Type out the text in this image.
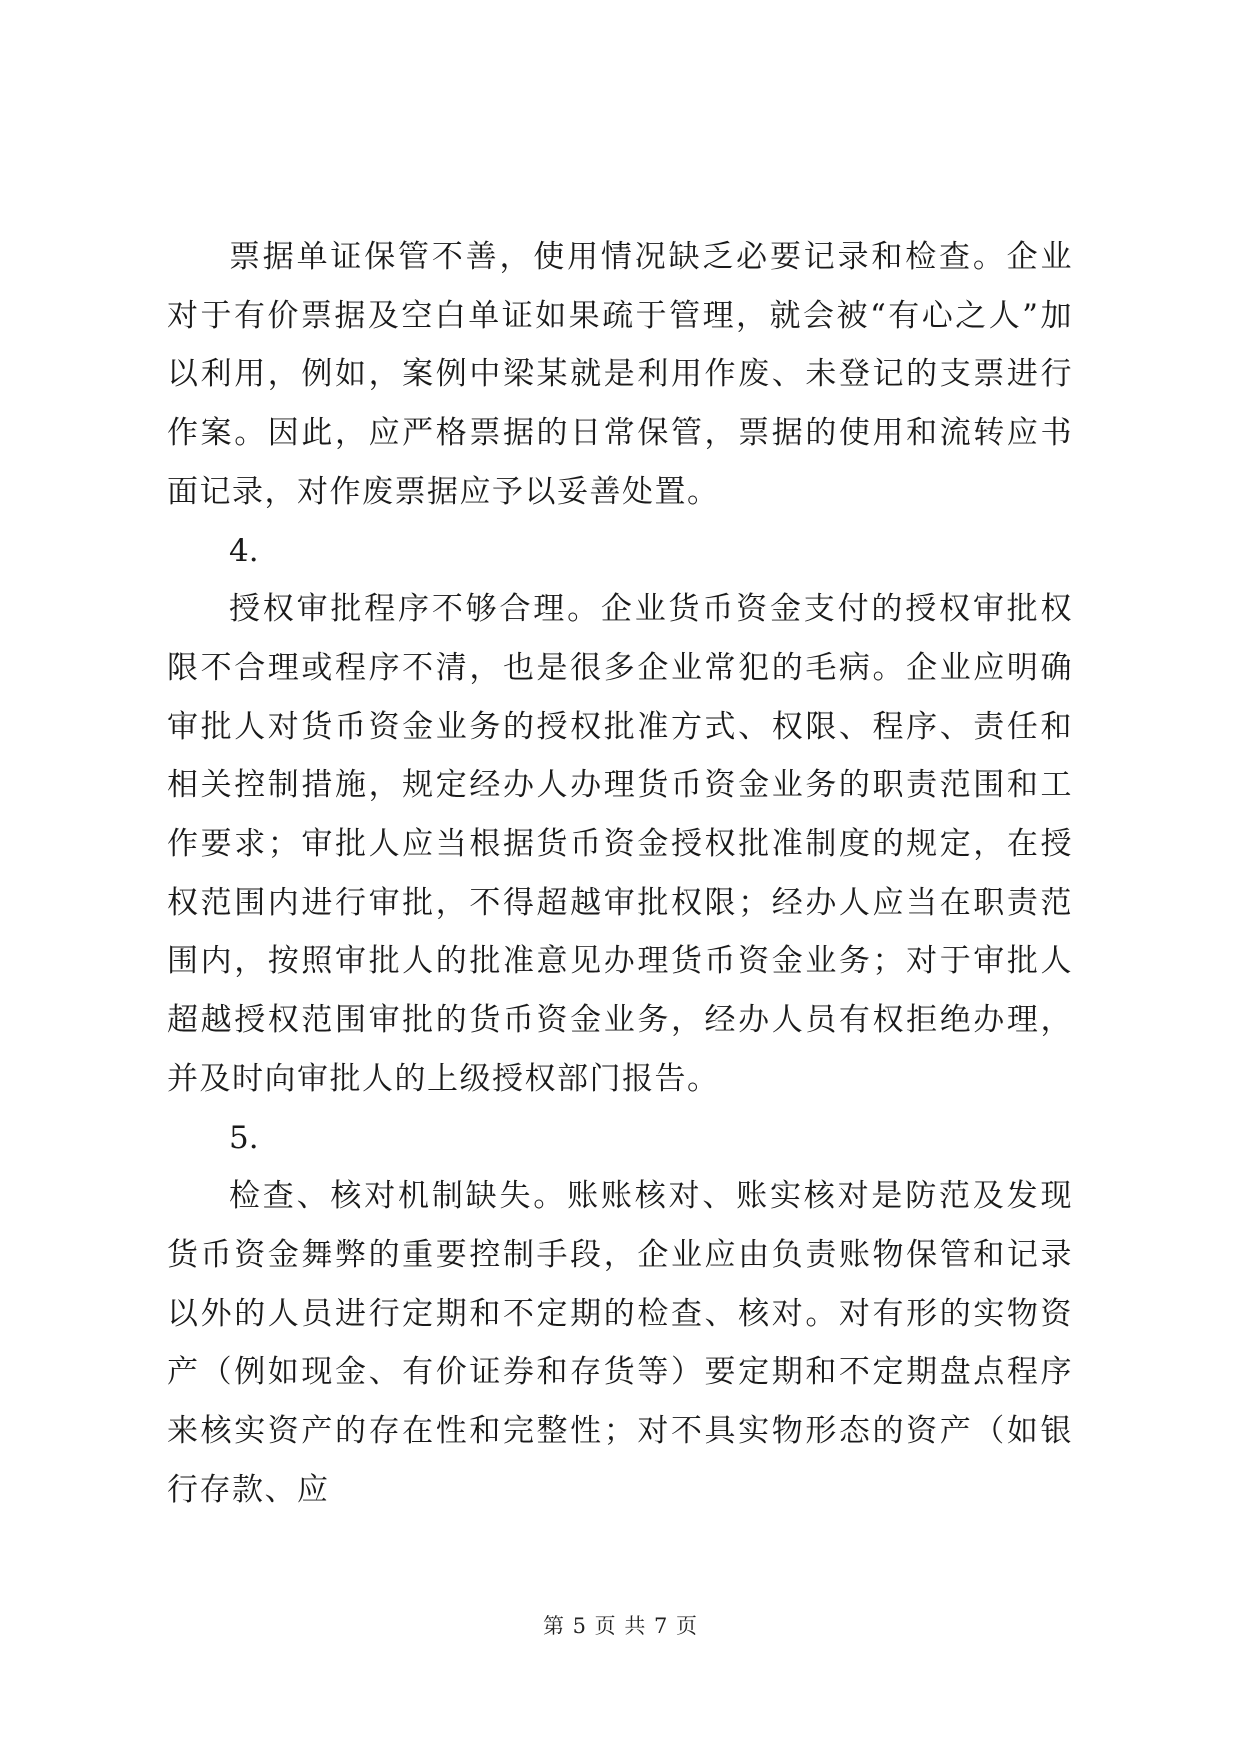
票据单证保管不善，使用情况缺乏必要记录和检查。企业对于有价票据及空白单证如果疏于管理，就会被“有心之人”加以利用，例如，案例中梁某就是利用作废、未登记的支票进行作案。因此，应严格票据的日常保管，票据的使用和流转应书面记录，对作废票据应予以妥善处置。

4.

授权审批程序不够合理。企业货币资金支付的授权审批权限不合理或程序不清，也是很多企业常犯的毛病。企业应明确审批人对货币资金业务的授权批准方式、权限、程序、责任和相关控制措施，规定经办人办理货币资金业务的职责范围和工作要求；审批人应当根据货币资金授权批准制度的规定，在授权范围内进行审批，不得超越审批权限；经办人应当在职责范围内，按照审批人的批准意见办理货币资金业务；对于审批人超越授权范围审批的货币资金业务，经办人员有权拒绝办理，并及时向审批人的上级授权部门报告。

5.

检查、核对机制缺失。账账核对、账实核对是防范及发现货币资金舞弊的重要控制手段，企业应由负责账物保管和记录以外的人员进行定期和不定期的检查、核对。对有形的实物资产（例如现金、有价证券和存货等）要定期和不定期盘点程序来核实资产的存在性和完整性；对不具实物形态的资产（如银行存款、应

第 5 页 共 7 页
